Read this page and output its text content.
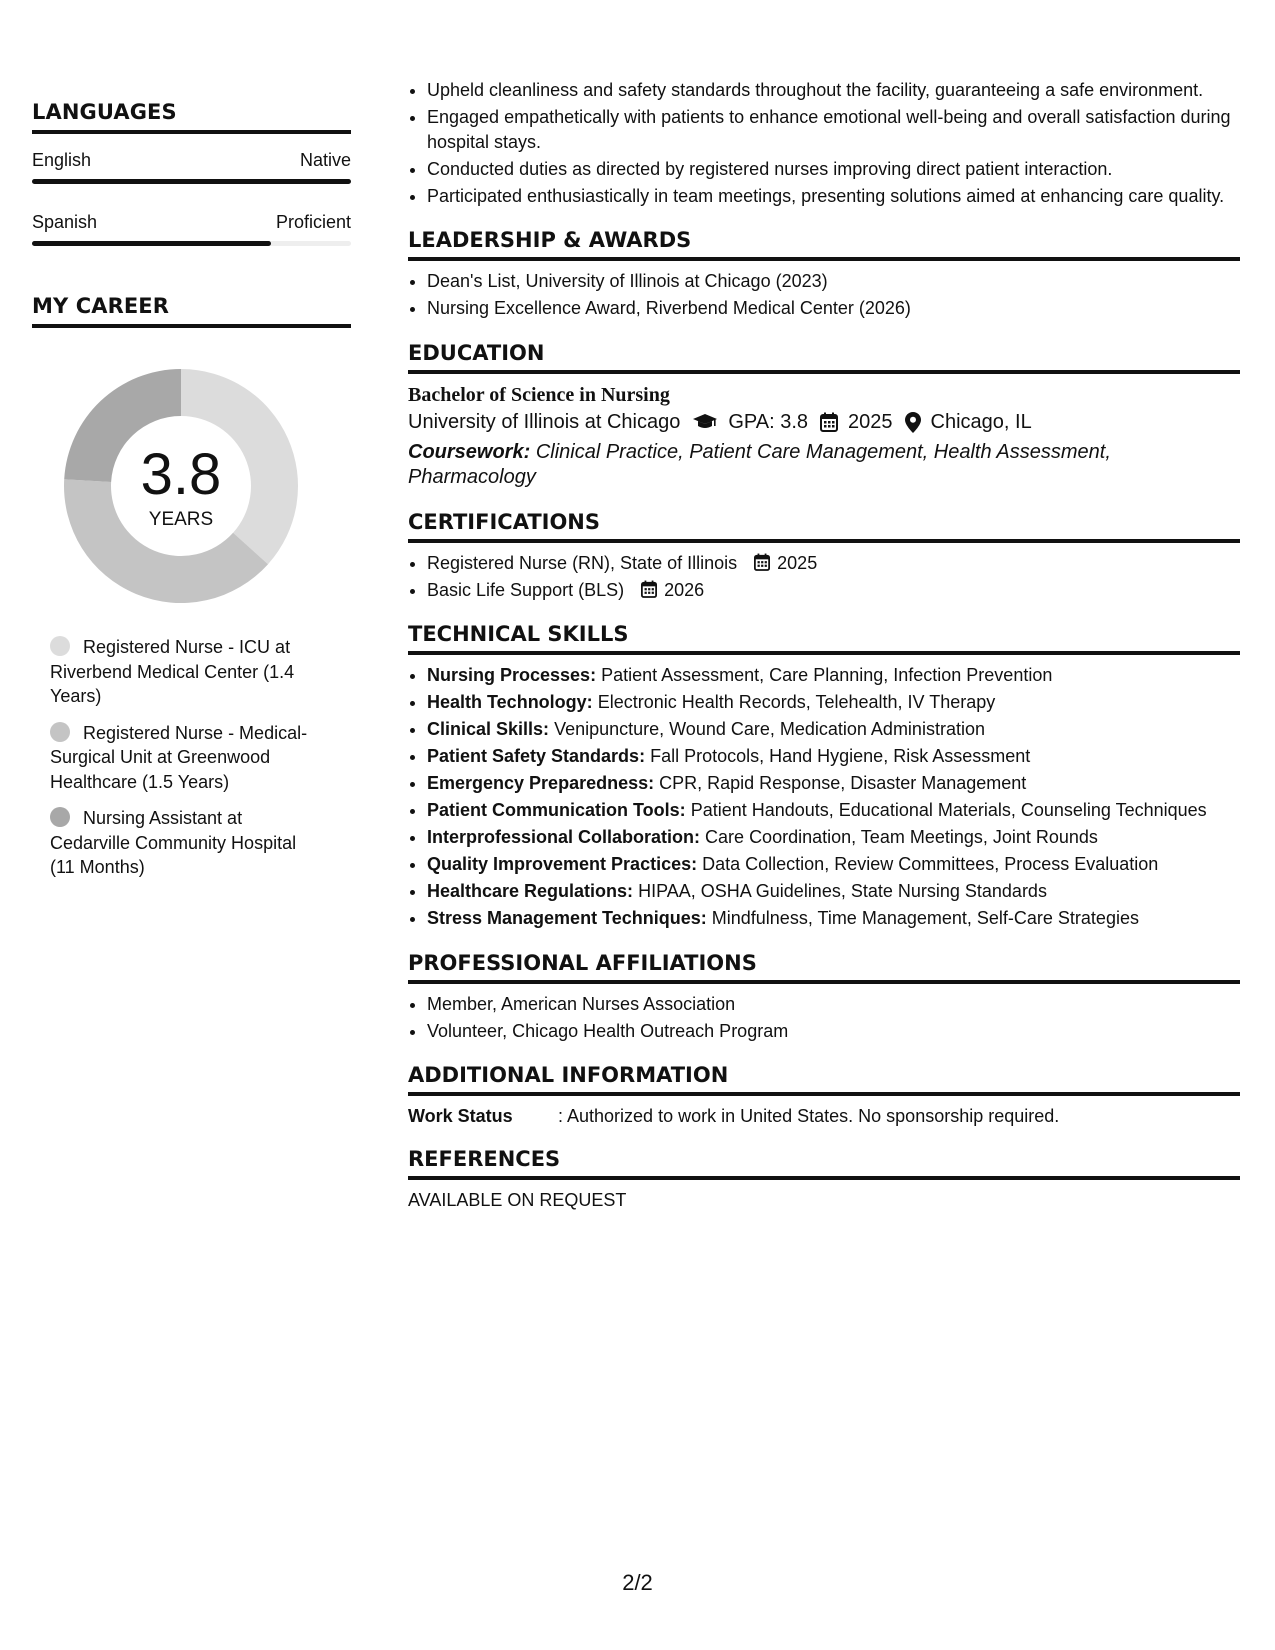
LANGUAGES
English	Native
Spanish	Proficient
MY CAREER
3.8
YEARS
Registered Nurse - ICU at Riverbend Medical Center (1.4 Years)
Registered Nurse - Medical-Surgical Unit at Greenwood Healthcare (1.5 Years)
Nursing Assistant at Cedarville Community Hospital (11 Months)
• Upheld cleanliness and safety standards throughout the facility, guaranteeing a safe environment.
• Engaged empathetically with patients to enhance emotional well-being and overall satisfaction during hospital stays.
• Conducted duties as directed by registered nurses improving direct patient interaction.
• Participated enthusiastically in team meetings, presenting solutions aimed at enhancing care quality.
LEADERSHIP & AWARDS
• Dean's List, University of Illinois at Chicago (2023)
• Nursing Excellence Award, Riverbend Medical Center (2026)
EDUCATION
Bachelor of Science in Nursing
University of Illinois at Chicago GPA: 3.8 2025 Chicago, IL
Coursework: Clinical Practice, Patient Care Management, Health Assessment, Pharmacology
CERTIFICATIONS
• Registered Nurse (RN), State of Illinois 2025
• Basic Life Support (BLS) 2026
TECHNICAL SKILLS
• Nursing Processes: Patient Assessment, Care Planning, Infection Prevention
• Health Technology: Electronic Health Records, Telehealth, IV Therapy
• Clinical Skills: Venipuncture, Wound Care, Medication Administration
• Patient Safety Standards: Fall Protocols, Hand Hygiene, Risk Assessment
• Emergency Preparedness: CPR, Rapid Response, Disaster Management
• Patient Communication Tools: Patient Handouts, Educational Materials, Counseling Techniques
• Interprofessional Collaboration: Care Coordination, Team Meetings, Joint Rounds
• Quality Improvement Practices: Data Collection, Review Committees, Process Evaluation
• Healthcare Regulations: HIPAA, OSHA Guidelines, State Nursing Standards
• Stress Management Techniques: Mindfulness, Time Management, Self-Care Strategies
PROFESSIONAL AFFILIATIONS
• Member, American Nurses Association
• Volunteer, Chicago Health Outreach Program
ADDITIONAL INFORMATION
Work Status	: Authorized to work in United States. No sponsorship required.
REFERENCES
AVAILABLE ON REQUEST
2/2
